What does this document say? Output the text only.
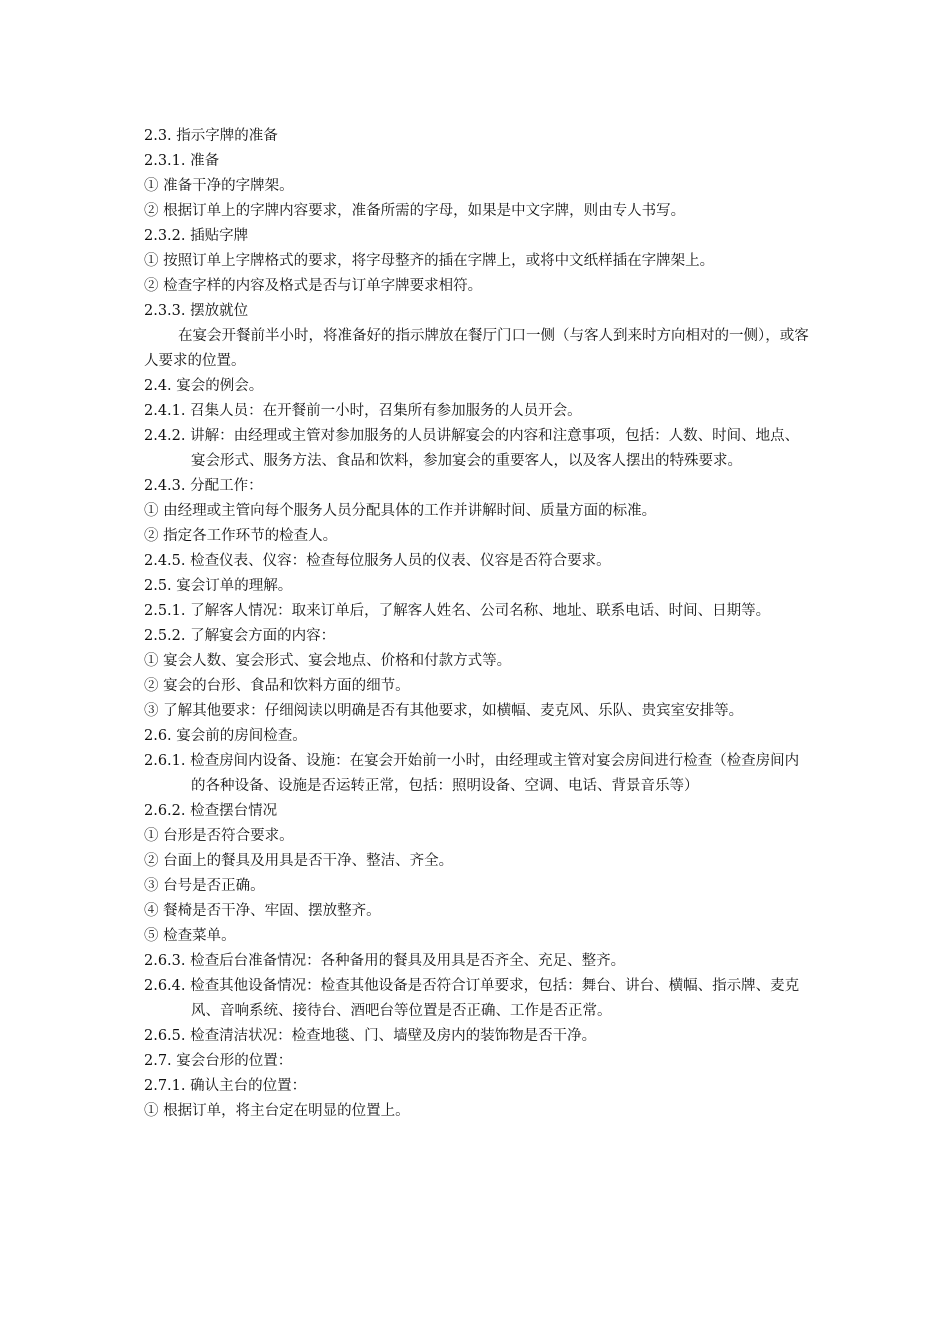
2.3. 指示字牌的准备

2.3.1. 准备

① 准备干净的字牌架。

② 根据订单上的字牌内容要求，准备所需的字母，如果是中文字牌，则由专人书写。

2.3.2. 插贴字牌

① 按照订单上字牌格式的要求，将字母整齐的插在字牌上，或将中文纸样插在字牌架上。

② 检查字样的内容及格式是否与订单字牌要求相符。

2.3.3. 摆放就位

在宴会开餐前半小时，将准备好的指示牌放在餐厅门口一侧（与客人到来时方向相对的一侧），或客人要求的位置。

2.4. 宴会的例会。

2.4.1. 召集人员：在开餐前一小时，召集所有参加服务的人员开会。

2.4.2. 讲解：由经理或主管对参加服务的人员讲解宴会的内容和注意事项，包括：人数、时间、地点、宴会形式、服务方法、食品和饮料，参加宴会的重要客人，以及客人摆出的特殊要求。

2.4.3. 分配工作：

① 由经理或主管向每个服务人员分配具体的工作并讲解时间、质量方面的标准。

② 指定各工作环节的检查人。

2.4.5. 检查仪表、仪容：检查每位服务人员的仪表、仪容是否符合要求。

2.5. 宴会订单的理解。

2.5.1. 了解客人情况：取来订单后，了解客人姓名、公司名称、地址、联系电话、时间、日期等。

2.5.2. 了解宴会方面的内容：

① 宴会人数、宴会形式、宴会地点、价格和付款方式等。

② 宴会的台形、食品和饮料方面的细节。

③ 了解其他要求：仔细阅读以明确是否有其他要求，如横幅、麦克风、乐队、贵宾室安排等。

2.6. 宴会前的房间检查。

2.6.1. 检查房间内设备、设施：在宴会开始前一小时，由经理或主管对宴会房间进行检查（检查房间内的各种设备、设施是否运转正常，包括：照明设备、空调、电话、背景音乐等）

2.6.2. 检查摆台情况

① 台形是否符合要求。

② 台面上的餐具及用具是否干净、整洁、齐全。

③ 台号是否正确。

④ 餐椅是否干净、牢固、摆放整齐。

⑤ 检查菜单。

2.6.3. 检查后台准备情况：各种备用的餐具及用具是否齐全、充足、整齐。

2.6.4. 检查其他设备情况：检查其他设备是否符合订单要求，包括：舞台、讲台、横幅、指示牌、麦克风、音响系统、接待台、酒吧台等位置是否正确、工作是否正常。

2.6.5. 检查清洁状况：检查地毯、门、墙壁及房内的装饰物是否干净。

2.7. 宴会台形的位置：

2.7.1. 确认主台的位置：

① 根据订单，将主台定在明显的位置上。
